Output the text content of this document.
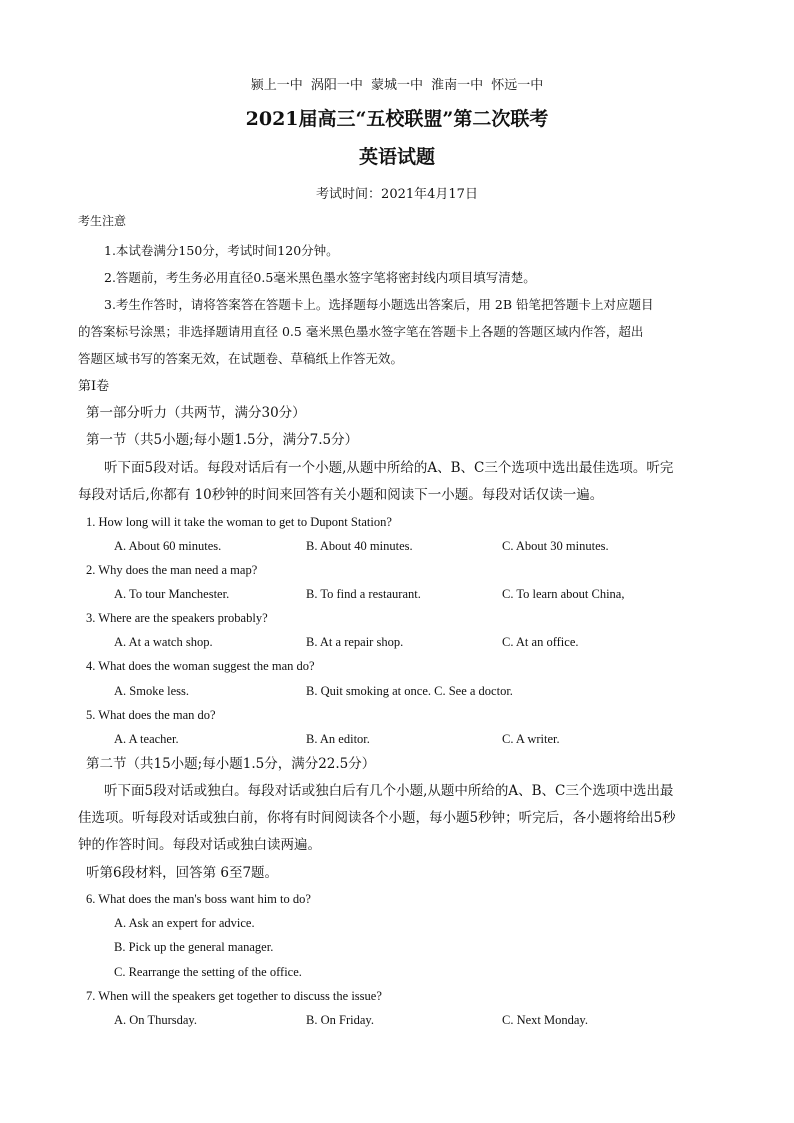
颍上一中 涡阳一中 蒙城一中 淮南一中 怀远一中
2021届高三“五校联盟”第二次联考
英语试题
考试时间：2021年4月17日
考生注意
1.本试卷满分150分，考试时间120分钟。
2.答题前，考生务必用直径0.5毫米黑色墨水签字笔将密封线内项目填写清楚。
3.考生作答时，请将答案答在答题卡上。选择题每小题选出答案后，用 2B 铅笔把答题卡上对应题目
的答案标号涂黑；非选择题请用直径 0.5 毫米黑色墨水签字笔在答题卡上各题的答题区域内作答，超出
答题区域书写的答案无效，在试题卷、草稿纸上作答无效。
第Ⅰ卷
第一部分听力（共两节，满分30分）
第一节（共5小题;每小题1.5分，满分7.5分）
听下面5段对话。每段对话后有一个小题,从题中所给的A、B、C三个选项中选出最佳选项。听完
每段对话后,你都有 10秒钟的时间来回答有关小题和阅读下一小题。每段对话仅读一遍。
1. How long will it take the woman to get to Dupont Station?
A. About 60 minutes.	B. About 40 minutes.	C. About 30 minutes.
2. Why does the man need a map?
A. To tour Manchester.	B. To find a restaurant.	C. To learn about China,
3. Where are the speakers probably?
A. At a watch shop.	B. At a repair shop.	C. At an office.
4. What does the woman suggest the man do?
A. Smoke less.	B. Quit smoking at once. C. See a doctor.
5. What does the man do?
A. A teacher.	B. An editor.	C. A writer.
第二节（共15小题;每小题1.5分，满分22.5分）
听下面5段对话或独白。每段对话或独白后有几个小题,从题中所给的A、B、C三个选项中选出最
佳选项。听每段对话或独白前，你将有时间阅读各个小题，每小题5秒钟；听完后，各小题将给出5秒
钟的作答时间。每段对话或独白读两遍。
听第6段材料，回答第 6至7题。
6. What does the man's boss want him to do?
A. Ask an expert for advice.
B. Pick up the general manager.
C. Rearrange the setting of the office.
7. When will the speakers get together to discuss the issue?
A. On Thursday.	B. On Friday.	C. Next Monday.
